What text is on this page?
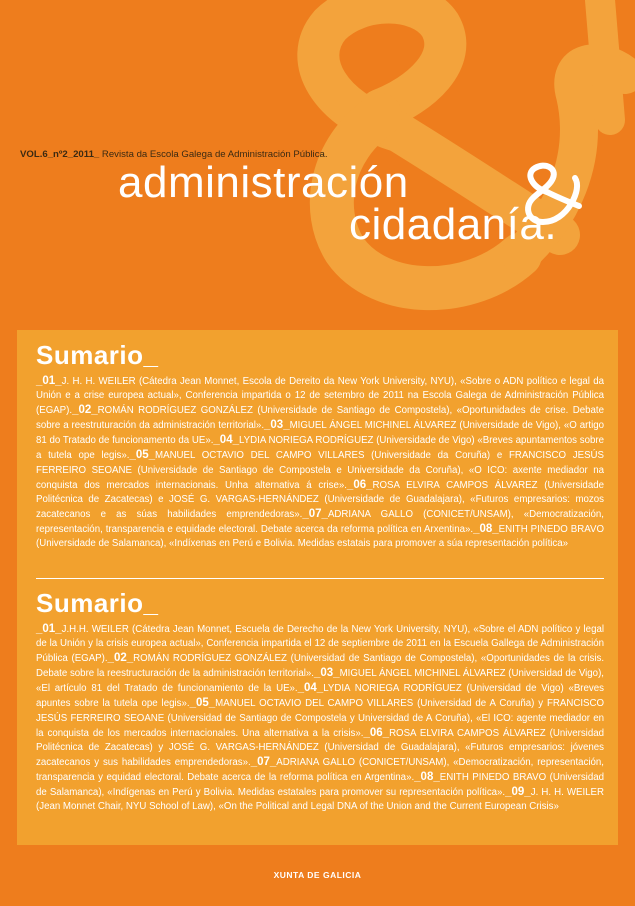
VOL.6_nº2_2011_ Revista da Escola Galega de Administración Pública.
administración
cidadanía.
Sumario_
_01_J. H. H. WEILER (Cátedra Jean Monnet, Escola de Dereito da New York University, NYU), «Sobre o ADN político e legal da Unión e a crise europea actual», Conferencia impartida o 12 de setembro de 2011 na Escola Galega de Administración Pública (EGAP)._02_ROMÁN RODRÍGUEZ GONZÁLEZ (Universidade de Santiago de Compostela), «Oportunidades de crise. Debate sobre a reestruturación da administración territorial»._03_MIGUEL ÁNGEL MICHINEL ÁLVAREZ (Universidade de Vigo), «O artigo 81 do Tratado de funcionamento da UE»._04_LYDIA NORIEGA RODRÍGUEZ (Universidade de Vigo) «Breves apuntamentos sobre a tutela ope legis»._05_MANUEL OCTAVIO DEL CAMPO VILLARES (Universidade da Coruña) e FRANCISCO JESÚS FERREIRO SEOANE (Universidade de Santiago de Compostela e Universidade da Coruña), «O ICO: axente mediador na conquista dos mercados internacionais. Unha alternativa á crise»._06_ROSA ELVIRA CAMPOS ÁLVAREZ (Universidade Politécnica de Zacatecas) e JOSÉ G. VARGAS-HERNÁNDEZ (Universidade de Guadalajara), «Futuros empresarios: mozos zacatecanos e as súas habilidades emprendedoras»._07_ADRIANA GALLO (CONICET/UNSAM), «Democratización, representación, transparencia e equidade electoral. Debate acerca da reforma política en Arxentina»._08_ENITH PINEDO BRAVO (Universidade de Salamanca), «Indíxenas en Perú e Bolivia. Medidas estatais para promover a súa representación política»
Sumario_
_01_J.H.H. WEILER (Cátedra Jean Monnet, Escuela de Derecho de la New York University, NYU), «Sobre el ADN político y legal de la Unión y la crisis europea actual», Conferencia impartida el 12 de septiembre de 2011 en la Escuela Gallega de Administración Pública (EGAP)._02_ROMÁN RODRÍGUEZ GONZÁLEZ (Universidad de Santiago de Compostela), «Oportunidades de la crisis. Debate sobre la reestructuración de la administración territorial»._03_MIGUEL ÁNGEL MICHINEL ÁLVAREZ (Universidad de Vigo), «El artículo 81 del Tratado de funcionamiento de la UE»._04_LYDIA NORIEGA RODRÍGUEZ (Universidad de Vigo) «Breves apuntes sobre la tutela ope legis»._05_MANUEL OCTAVIO DEL CAMPO VILLARES (Universidad de A Coruña) y FRANCISCO JESÚS FERREIRO SEOANE (Universidad de Santiago de Compostela y Universidad de A Coruña), «El ICO: agente mediador en la conquista de los mercados internacionales. Una alternativa a la crisis»._06_ROSA ELVIRA CAMPOS ÁLVAREZ (Universidad Politécnica de Zacatecas) y JOSÉ G. VARGAS-HERNÁNDEZ (Universidad de Guadalajara), «Futuros empresarios: jóvenes zacatecanos y sus habilidades emprendedoras»._07_ADRIANA GALLO (CONICET/UNSAM), «Democratización, representación, transparencia y equidad electoral. Debate acerca de la reforma política en Argentina»._08_ENITH PINEDO BRAVO (Universidad de Salamanca), «Indígenas en Perú y Bolivia. Medidas estatales para promover su representación política»._09_J. H. H. WEILER (Jean Monnet Chair, NYU School of Law), «On the Political and Legal DNA of the Union and the Current European Crisis»
XUNTA DE GALICIA
